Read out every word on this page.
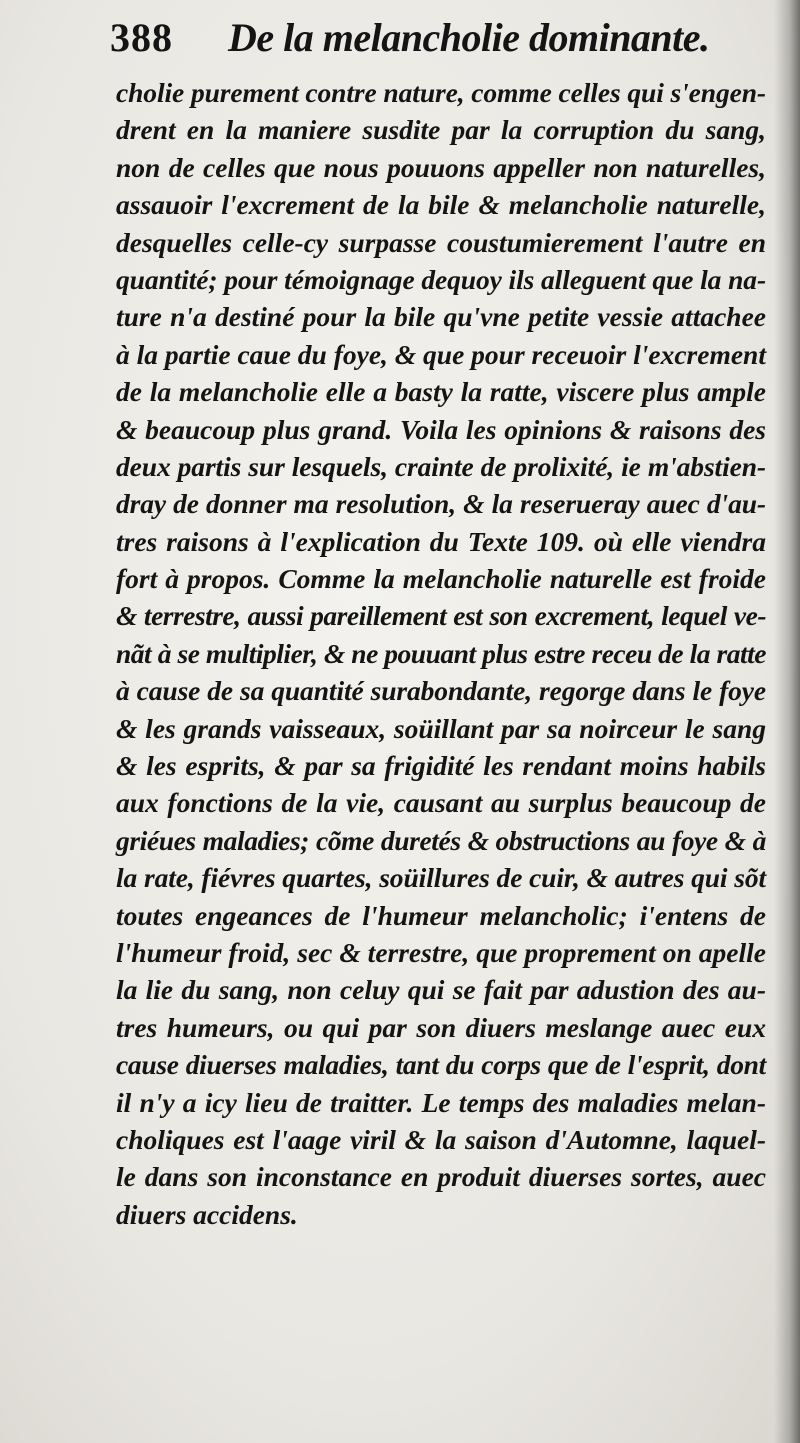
388	De la melancholie dominante.
cholie purement contre nature, comme celles qui s'engen-
drent en la maniere susdite par la corruption du sang,
non de celles que nous pouuons appeller non naturelles,
assauoir l'excrement de la bile & melancholie naturelle,
desquelles celle-cy surpasse coustumierement l'autre en
quantité; pour témoignage dequoy ils alleguent que la na-
ture n'a destiné pour la bile qu'vne petite vessie attachee
à la partie caue du foye, & que pour receuoir l'excrement
de la melancholie elle a basty la ratte, viscere plus ample
& beaucoup plus grand. Voila les opinions & raisons des
deux partis sur lesquels, crainte de prolixité, ie m'abstien-
dray de donner ma resolution, & la reserueray auec d'au-
tres raisons à l'explication du Texte 109. où elle viendra
fort à propos. Comme la melancholie naturelle est froide
& terrestre, aussi pareillement est son excrement, lequel ve-
nãt à se multiplier, & ne pouuant plus estre receu de la ratte
à cause de sa quantité surabondante, regorge dans le foye
& les grands vaisseaux, soüillant par sa noirceur le sang
& les esprits, & par sa frigidité les rendant moins habils
aux fonctions de la vie, causant au surplus beaucoup de
griéues maladies; cõme duretés & obstructions au foye & à
la rate, fiévres quartes, soüillures de cuir, & autres qui sõt
toutes engeances de l'humeur melancholic; i'entens de
l'humeur froid, sec & terrestre, que proprement on apelle
la lie du sang, non celuy qui se fait par adustion des au-
tres humeurs, ou qui par son diuers meslange auec eux
cause diuerses maladies, tant du corps que de l'esprit, dont
il n'y a icy lieu de traitter. Le temps des maladies melan-
choliques est l'aage viril & la saison d'Automne, laquel-
le dans son inconstance en produit diuerses sortes, auec
diuers accidens.
